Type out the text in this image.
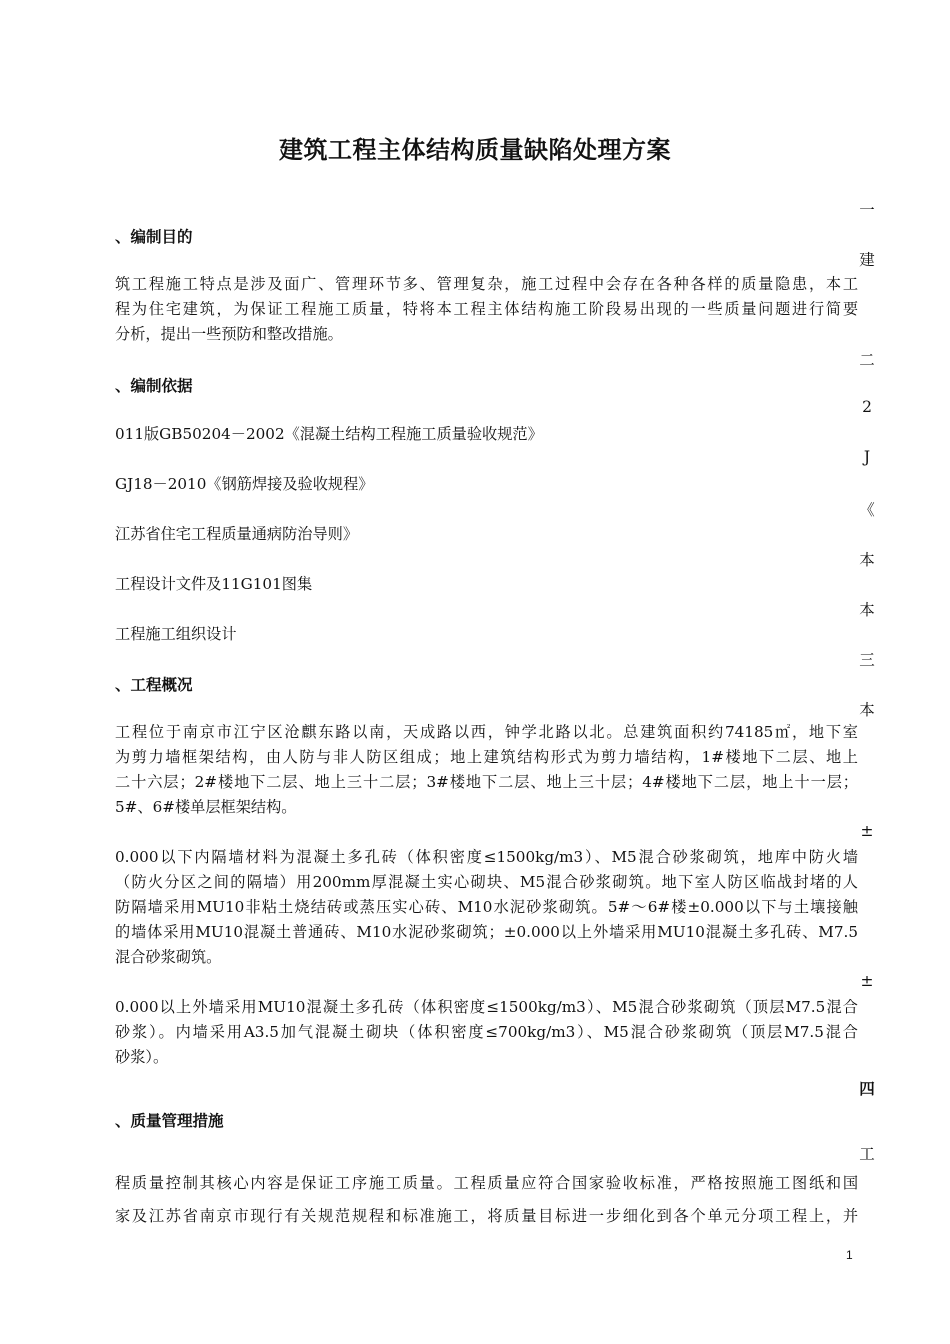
建筑工程主体结构质量缺陷处理方案
一
建
二
2
J
《
本
本
三
本
±
±
四
工
、编制目的
筑工程施工特点是涉及面广、管理环节多、管理复杂，施工过程中会存在各种各样的质量隐患，本工
程为住宅建筑，为保证工程施工质量，特将本工程主体结构施工阶段易出现的一些质量问题进行简要
分析，提出一些预防和整改措施。
、编制依据
011版GB50204－2002《混凝土结构工程施工质量验收规范》
GJ18－2010《钢筋焊接及验收规程》
江苏省住宅工程质量通病防治导则》
工程设计文件及11G101图集
工程施工组织设计
、工程概况
工程位于南京市江宁区沧麒东路以南，天成路以西，钟学北路以北。总建筑面积约74185㎡，地下室
为剪力墙框架结构，由人防与非人防区组成；地上建筑结构形式为剪力墙结构，1#楼地下二层、地上
二十六层；2#楼地下二层、地上三十二层；3#楼地下二层、地上三十层；4#楼地下二层，地上十一层；
5#、6#楼单层框架结构。
0.000以下内隔墙材料为混凝土多孔砖（体积密度≤1500kg/m3）、M5混合砂浆砌筑，地库中防火墙
（防火分区之间的隔墙）用200mm厚混凝土实心砌块、M5混合砂浆砌筑。地下室人防区临战封堵的人
防隔墙采用MU10非粘土烧结砖或蒸压实心砖、M10水泥砂浆砌筑。5#～6#楼±0.000以下与土壤接触
的墙体采用MU10混凝土普通砖、M10水泥砂浆砌筑；±0.000以上外墙采用MU10混凝土多孔砖、M7.5
混合砂浆砌筑。
0.000以上外墙采用MU10混凝土多孔砖（体积密度≤1500kg/m3）、M5混合砂浆砌筑（顶层M7.5混合
砂浆）。内墙采用A3.5加气混凝土砌块（体积密度≤700kg/m3）、M5混合砂浆砌筑（顶层M7.5混合
砂浆）。
、质量管理措施
程质量控制其核心内容是保证工序施工质量。工程质量应符合国家验收标准，严格按照施工图纸和国
家及江苏省南京市现行有关规范规程和标准施工，将质量目标进一步细化到各个单元分项工程上，并
1
